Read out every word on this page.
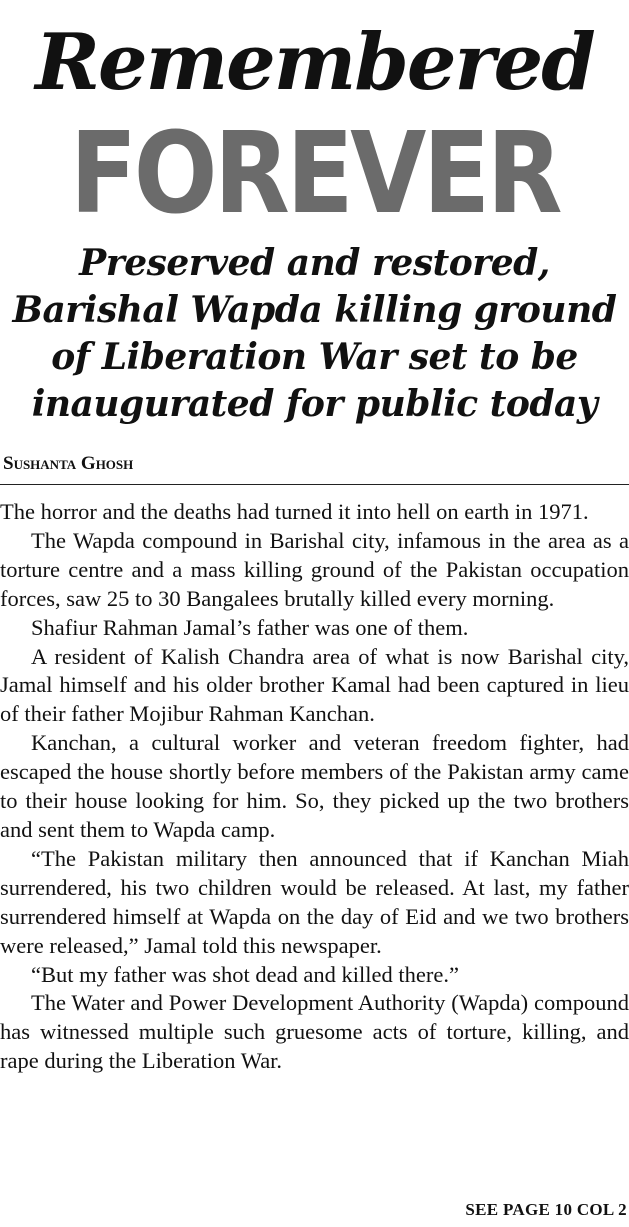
Remembered
FOREVER
Preserved and restored,
Barishal Wapda killing ground
of Liberation War set to be
inaugurated for public today
Sushanta Ghosh

The horror and the deaths had turned it into hell on earth in 1971.

The Wapda compound in Barishal city, infamous in the area as a torture centre and a mass killing ground of the Pakistan occupation forces, saw 25 to 30 Bangalees brutally killed every morning.

Shafiur Rahman Jamal’s father was one of them.

A resident of Kalish Chandra area of what is now Barishal city, Jamal himself and his older brother Kamal had been captured in lieu of their father Mojibur Rahman Kanchan.

Kanchan, a cultural worker and veteran freedom fighter, had escaped the house shortly before members of the Pakistan army came to their house looking for him. So, they picked up the two brothers and sent them to Wapda camp.

“The Pakistan military then announced that if Kanchan Miah surrendered, his two children would be released. At last, my father surrendered himself at Wapda on the day of Eid and we two brothers were released,” Jamal told this newspaper.

“But my father was shot dead and killed there.”

The Water and Power Development Authority (Wapda) compound has witnessed multiple such gruesome acts of torture, killing, and rape during the Liberation War.

SEE PAGE 10 COL 2
